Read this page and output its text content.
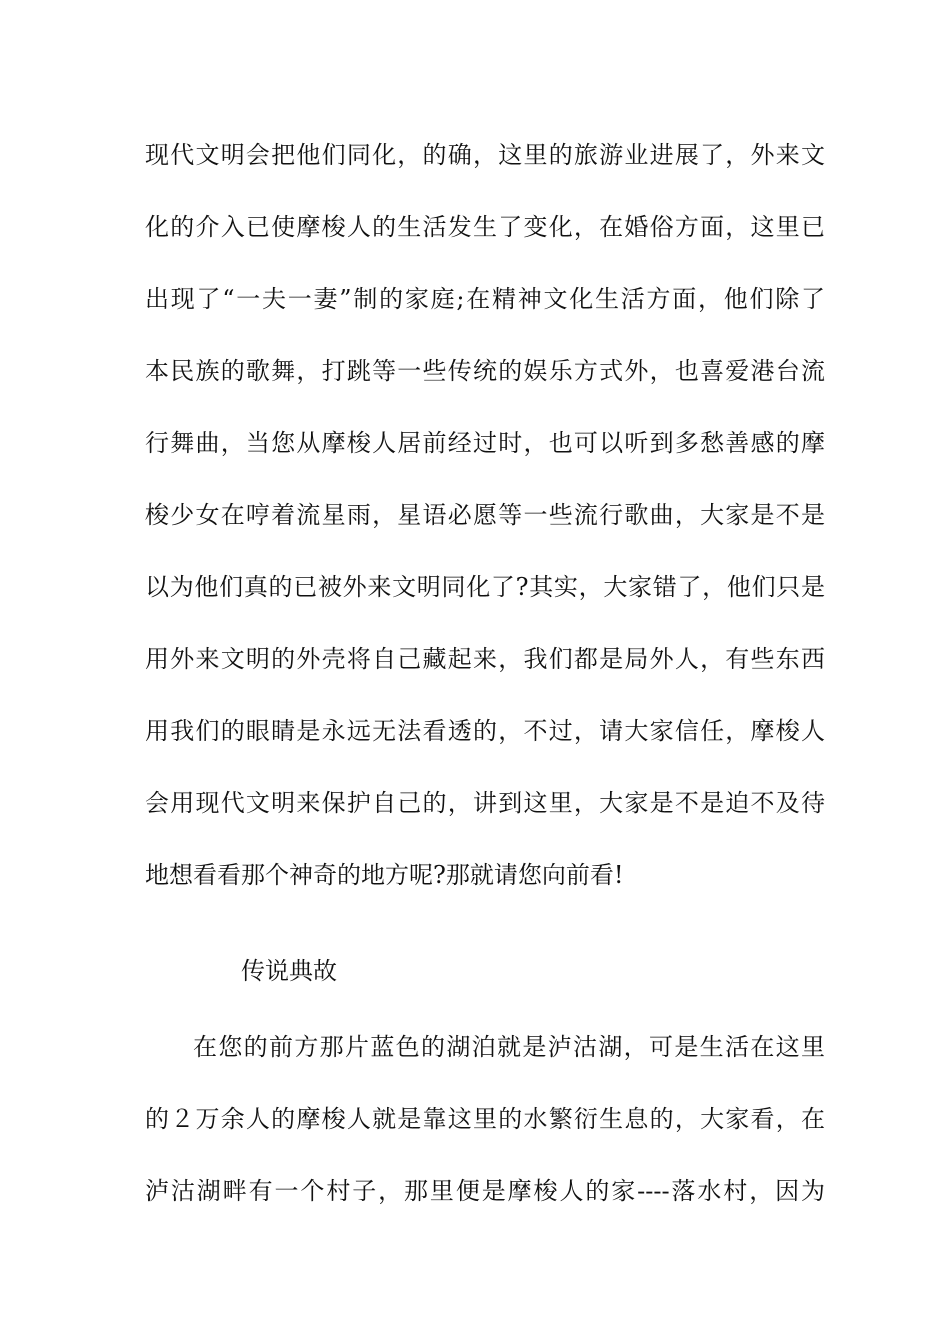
现代文明会把他们同化，的确，这里的旅游业进展了，外来文
化的介入已使摩梭人的生活发生了变化，在婚俗方面，这里已
出现了“一夫一妻”制的家庭;在精神文化生活方面，他们除了
本民族的歌舞，打跳等一些传统的娱乐方式外，也喜爱港台流
行舞曲，当您从摩梭人居前经过时，也可以听到多愁善感的摩
梭少女在哼着流星雨，星语必愿等一些流行歌曲，大家是不是
以为他们真的已被外来文明同化了?其实，大家错了，他们只是
用外来文明的外壳将自己藏起来，我们都是局外人，有些东西
用我们的眼睛是永远无法看透的，不过，请大家信任，摩梭人
会用现代文明来保护自己的，讲到这里，大家是不是迫不及待
地想看看那个神奇的地方呢?那就请您向前看!
传说典故
在您的前方那片蓝色的湖泊就是泸沽湖，可是生活在这里
的２万余人的摩梭人就是靠这里的水繁衍生息的，大家看，在
泸沽湖畔有一个村子，那里便是摩梭人的家----落水村，因为
